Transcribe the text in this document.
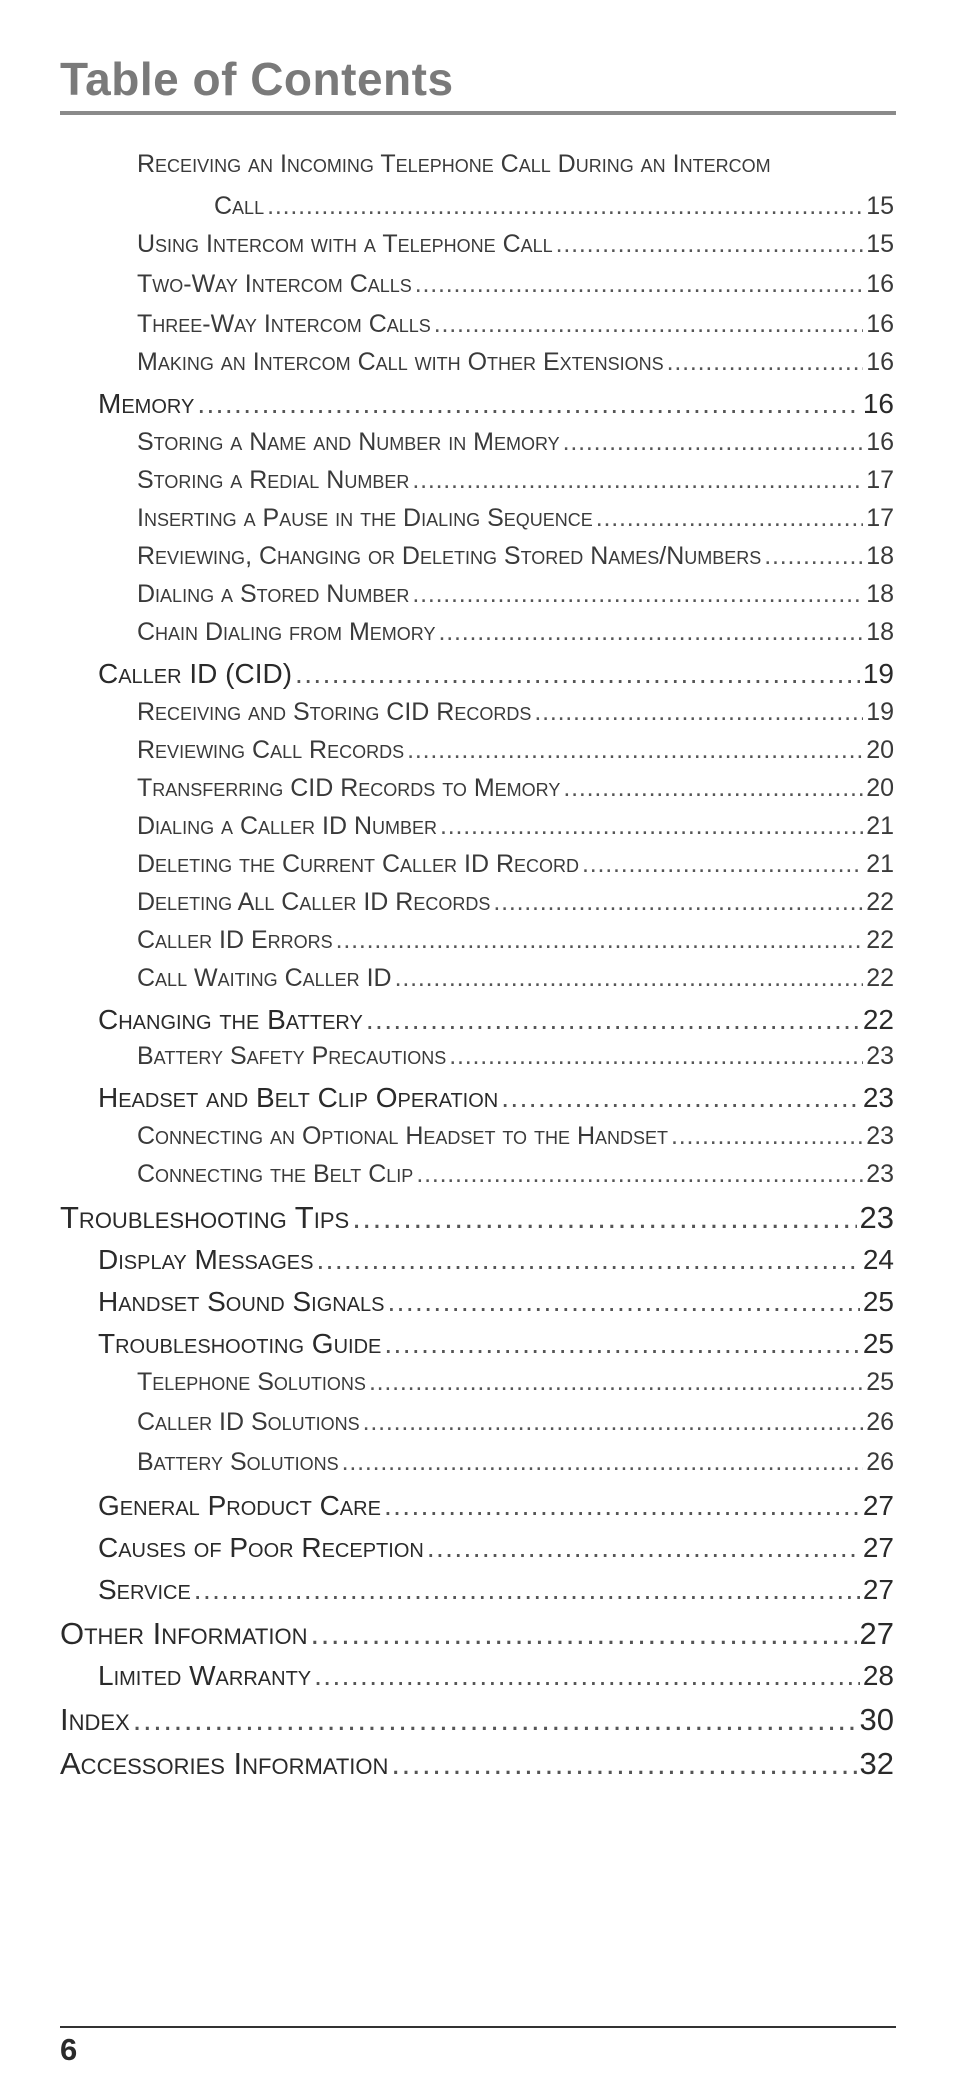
Table of Contents
Receiving an Incoming Telephone Call During an Intercom
Call .....	15
Using Intercom with a Telephone Call .....	15
Two-Way Intercom Calls .....	16
Three-Way Intercom Calls .....	16
Making an Intercom Call with Other Extensions .....	16
Memory .....	16
Storing a Name and Number in Memory .....	16
Storing a Redial Number .....	17
Inserting a Pause in the Dialing Sequence .....	17
Reviewing, Changing or Deleting Stored Names/Numbers .....	18
Dialing a Stored Number .....	18
Chain Dialing from Memory .....	18
Caller ID (CID) .....	19
Receiving and Storing CID Records .....	19
Reviewing Call Records .....	20
Transferring CID Records to Memory .....	20
Dialing a Caller ID Number .....	21
Deleting the Current Caller ID Record .....	21
Deleting All Caller ID Records .....	22
Caller ID Errors .....	22
Call Waiting Caller ID .....	22
Changing the Battery .....	22
Battery Safety Precautions .....	23
Headset and Belt Clip Operation .....	23
Connecting an Optional Headset to the Handset .....	23
Connecting the Belt Clip .....	23
Troubleshooting Tips .....	23
Display Messages .....	24
Handset Sound Signals .....	25
Troubleshooting Guide .....	25
Telephone Solutions .....	25
Caller ID Solutions .....	26
Battery Solutions .....	26
General Product Care .....	27
Causes of Poor Reception .....	27
Service .....	27
Other Information .....	27
Limited Warranty .....	28
Index .....	30
Accessories Information .....	32
6
